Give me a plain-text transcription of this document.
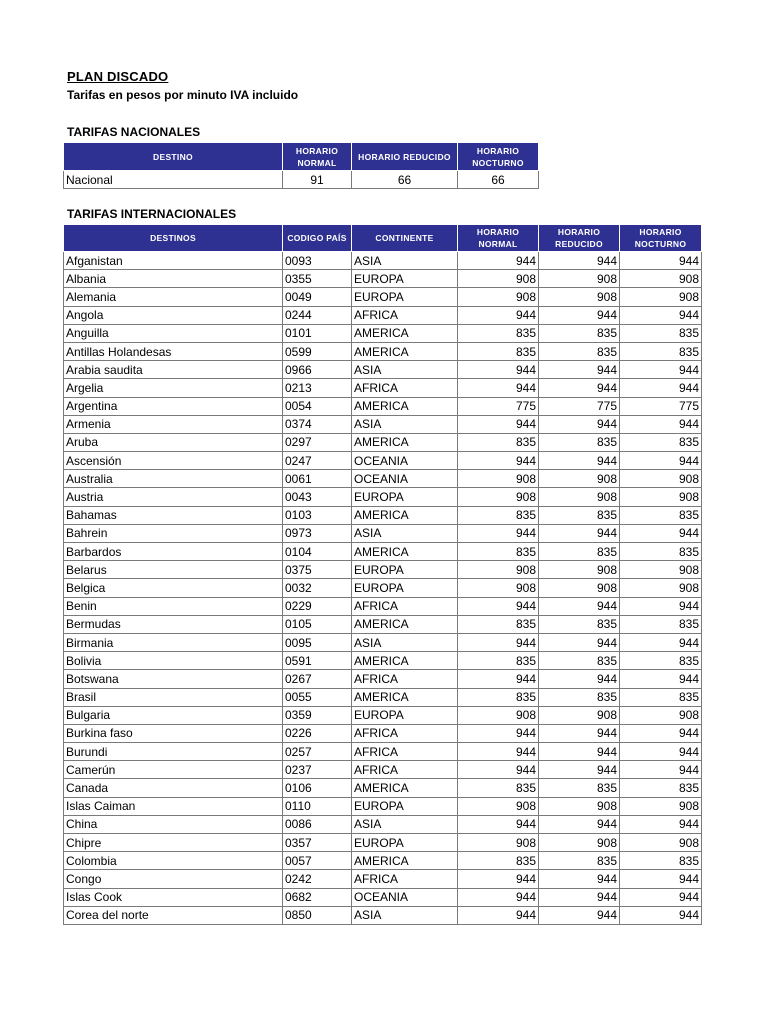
PLAN DISCADO
Tarifas en pesos por minuto IVA incluido
TARIFAS NACIONALES
DESTINO	HORARIO NORMAL	HORARIO REDUCIDO	HORARIO NOCTURNO
Nacional	91	66	66
TARIFAS INTERNACIONALES
DESTINOS	CODIGO PAÍS	CONTINENTE	HORARIO NORMAL	HORARIO REDUCIDO	HORARIO NOCTURNO
Afganistan	0093	ASIA	944	944	944
Albania	0355	EUROPA	908	908	908
Alemania	0049	EUROPA	908	908	908
Angola	0244	AFRICA	944	944	944
Anguilla	0101	AMERICA	835	835	835
Antillas Holandesas	0599	AMERICA	835	835	835
Arabia saudita	0966	ASIA	944	944	944
Argelia	0213	AFRICA	944	944	944
Argentina	0054	AMERICA	775	775	775
Armenia	0374	ASIA	944	944	944
Aruba	0297	AMERICA	835	835	835
Ascensión	0247	OCEANIA	944	944	944
Australia	0061	OCEANIA	908	908	908
Austria	0043	EUROPA	908	908	908
Bahamas	0103	AMERICA	835	835	835
Bahrein	0973	ASIA	944	944	944
Barbardos	0104	AMERICA	835	835	835
Belarus	0375	EUROPA	908	908	908
Belgica	0032	EUROPA	908	908	908
Benin	0229	AFRICA	944	944	944
Bermudas	0105	AMERICA	835	835	835
Birmania	0095	ASIA	944	944	944
Bolivia	0591	AMERICA	835	835	835
Botswana	0267	AFRICA	944	944	944
Brasil	0055	AMERICA	835	835	835
Bulgaria	0359	EUROPA	908	908	908
Burkina faso	0226	AFRICA	944	944	944
Burundi	0257	AFRICA	944	944	944
Camerún	0237	AFRICA	944	944	944
Canada	0106	AMERICA	835	835	835
Islas Caiman	0110	EUROPA	908	908	908
China	0086	ASIA	944	944	944
Chipre	0357	EUROPA	908	908	908
Colombia	0057	AMERICA	835	835	835
Congo	0242	AFRICA	944	944	944
Islas Cook	0682	OCEANIA	944	944	944
Corea del norte	0850	ASIA	944	944	944
